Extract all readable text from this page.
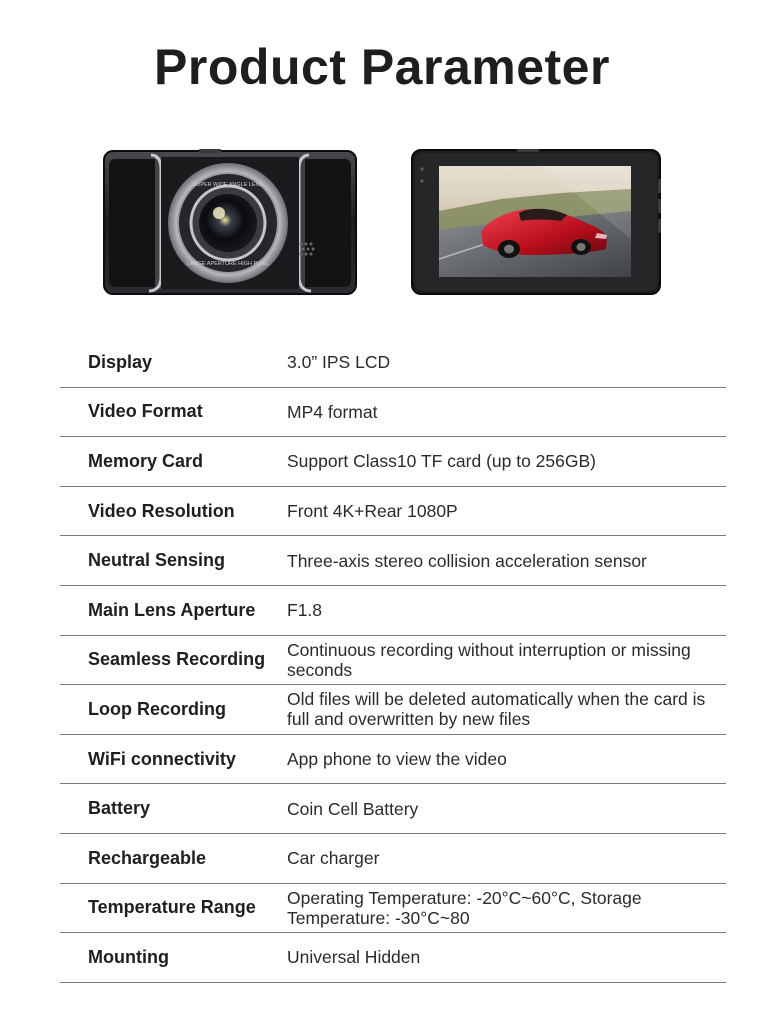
Product Parameter
SUPER WIDE ANGLE LENS
LARGE APERTURE HIGH PIXEL
Display	3.0” IPS LCD
Video Format	MP4 format
Memory Card	Support Class10 TF card (up to 256GB)
Video Resolution	Front 4K+Rear 1080P
Neutral Sensing	Three-axis stereo collision acceleration sensor
Main Lens Aperture	F1.8
Seamless Recording	Continuous recording without interruption or missing seconds
Loop Recording	Old files will be deleted automatically when the card is full and overwritten by new files
WiFi connectivity	App phone to view the video
Battery	Coin Cell Battery
Rechargeable	Car charger
Temperature Range	Operating Temperature: -20°C~60°C, Storage Temperature: -30°C~80
Mounting	Universal Hidden
